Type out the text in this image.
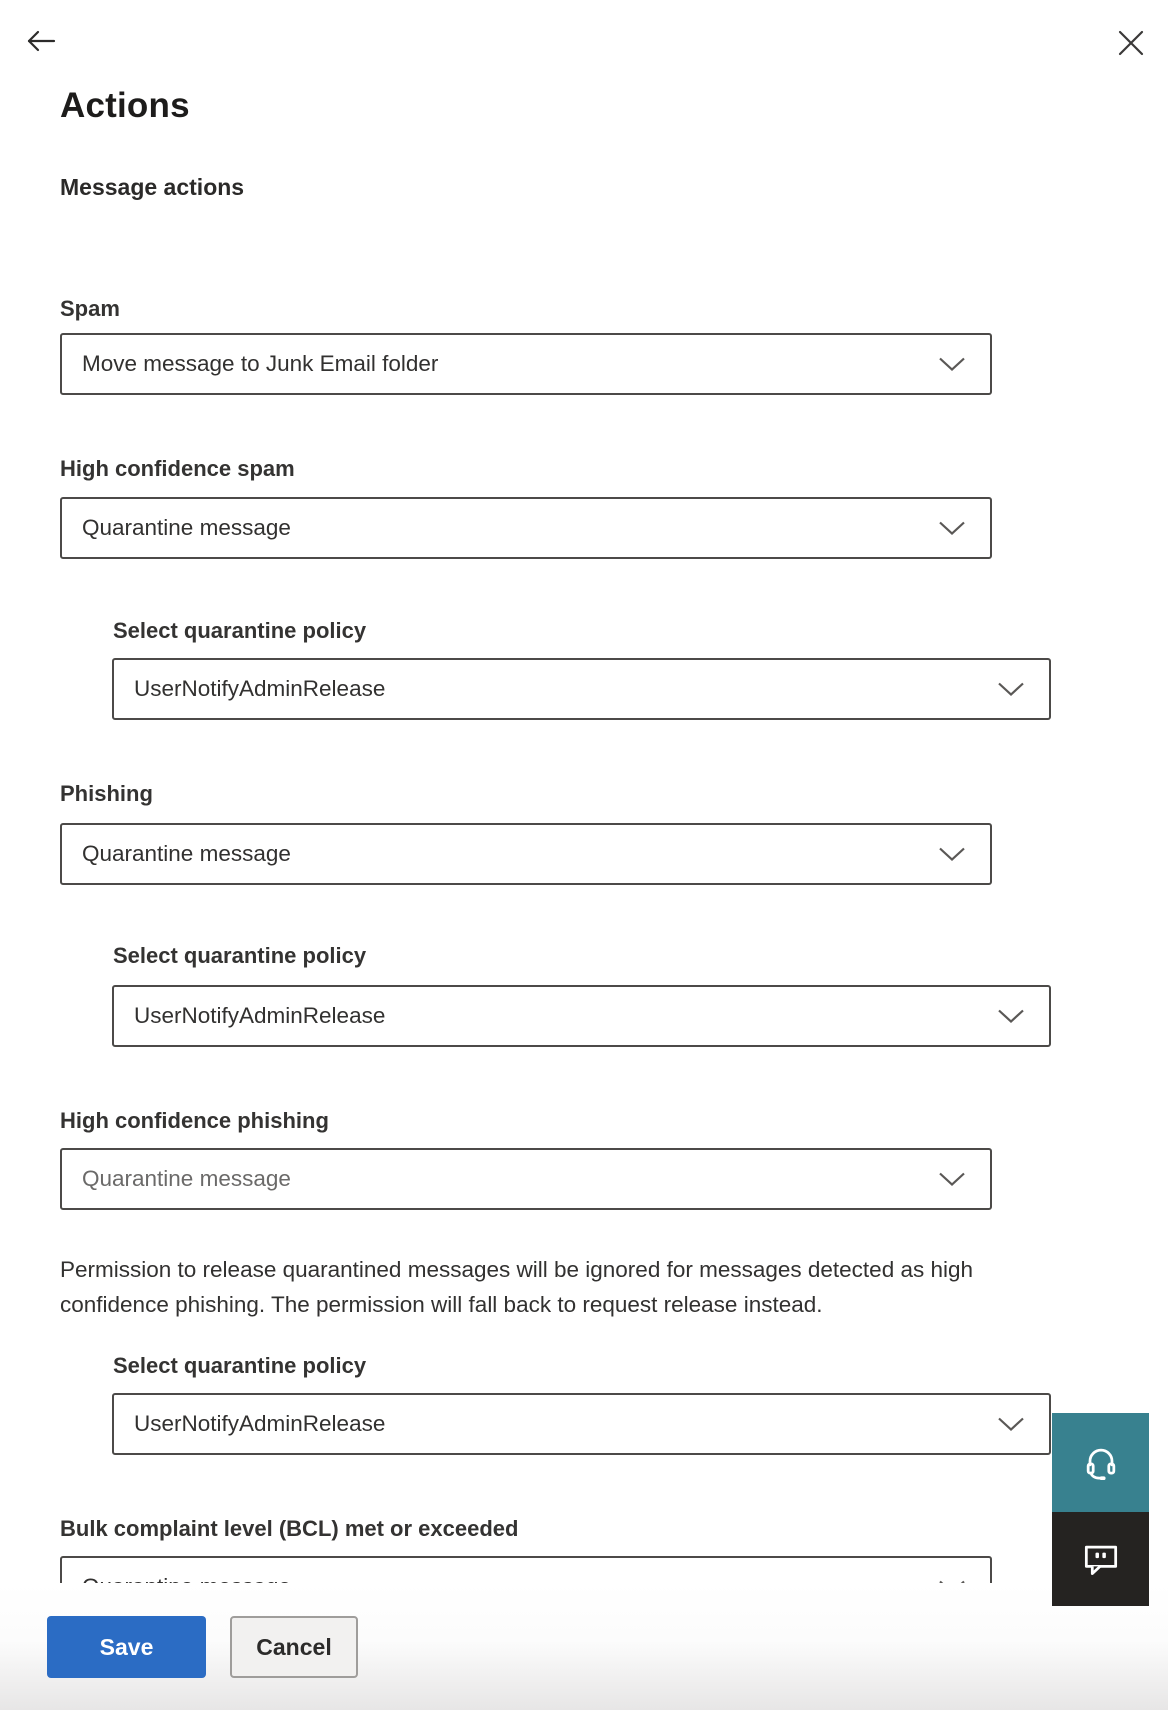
Actions
Message actions
Spam
Move message to Junk Email folder
High confidence spam
Quarantine message
Select quarantine policy
UserNotifyAdminRelease
Phishing
Quarantine message
Select quarantine policy
UserNotifyAdminRelease
High confidence phishing
Quarantine message

Permission to release quarantined messages will be ignored for messages detected as high confidence phishing. The permission will fall back to request release instead.

Select quarantine policy
UserNotifyAdminRelease
Bulk complaint level (BCL) met or exceeded
Save	Cancel
